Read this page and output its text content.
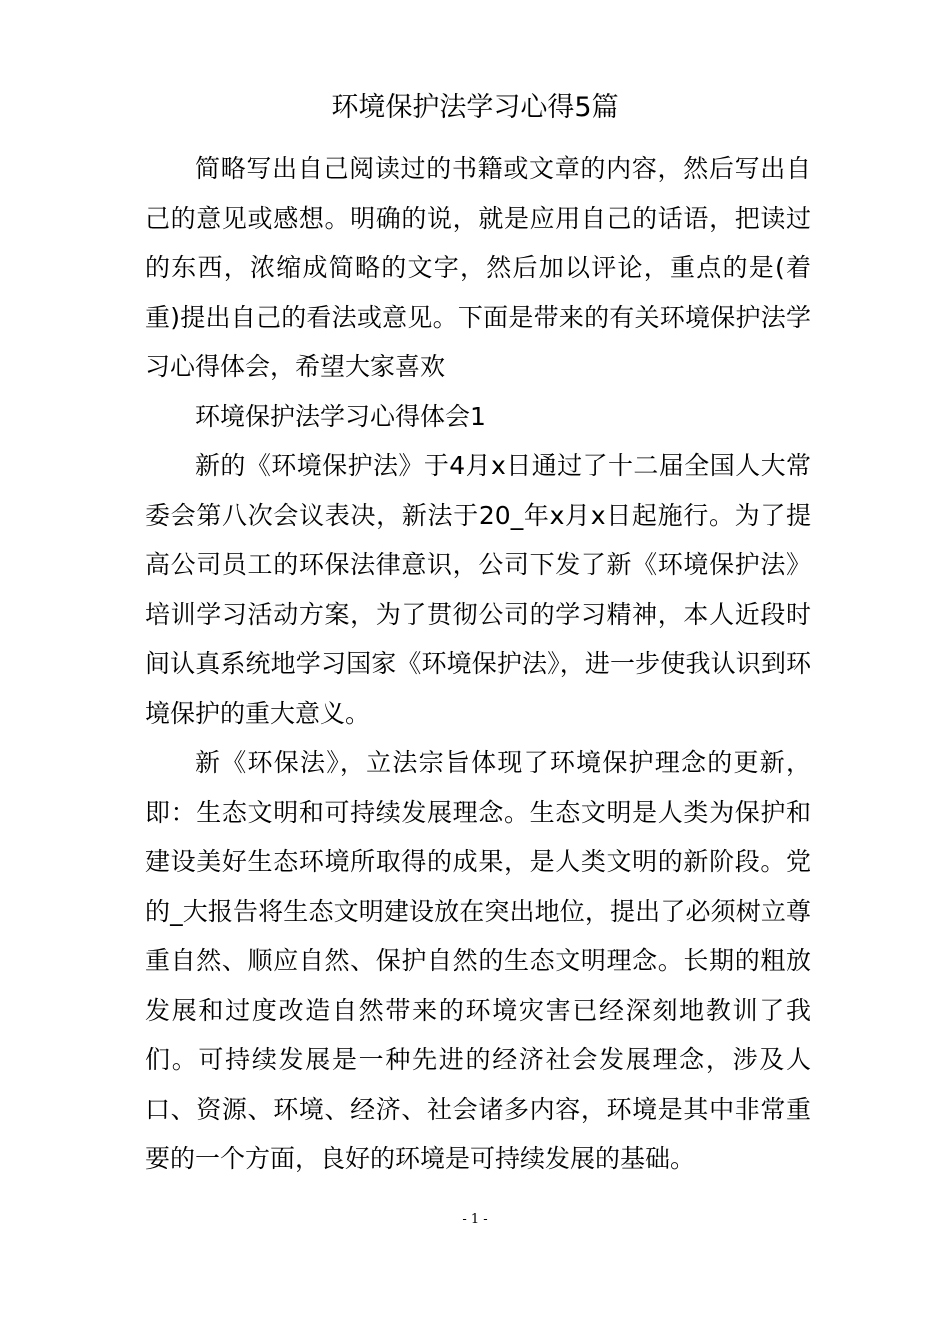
环境保护法学习心得5篇

简略写出自己阅读过的书籍或文章的内容，然后写出自己的意见或感想。明确的说，就是应用自己的话语，把读过的东西，浓缩成简略的文字，然后加以评论，重点的是(着重)提出自己的看法或意见。下面是带来的有关环境保护法学习心得体会，希望大家喜欢

环境保护法学习心得体会1

新的《环境保护法》于4月x日通过了十二届全国人大常委会第八次会议表决，新法于20_年x月x日起施行。为了提高公司员工的环保法律意识，公司下发了新《环境保护法》培训学习活动方案，为了贯彻公司的学习精神，本人近段时间认真系统地学习国家《环境保护法》，进一步使我认识到环境保护的重大意义。

新《环保法》，立法宗旨体现了环境保护理念的更新，即：生态文明和可持续发展理念。生态文明是人类为保护和建设美好生态环境所取得的成果，是人类文明的新阶段。党的_大报告将生态文明建设放在突出地位，提出了必须树立尊重自然、顺应自然、保护自然的生态文明理念。长期的粗放发展和过度改造自然带来的环境灾害已经深刻地教训了我们。可持续发展是一种先进的经济社会发展理念，涉及人口、资源、环境、经济、社会诸多内容，环境是其中非常重要的一个方面，良好的环境是可持续发展的基础。

- 1 -
